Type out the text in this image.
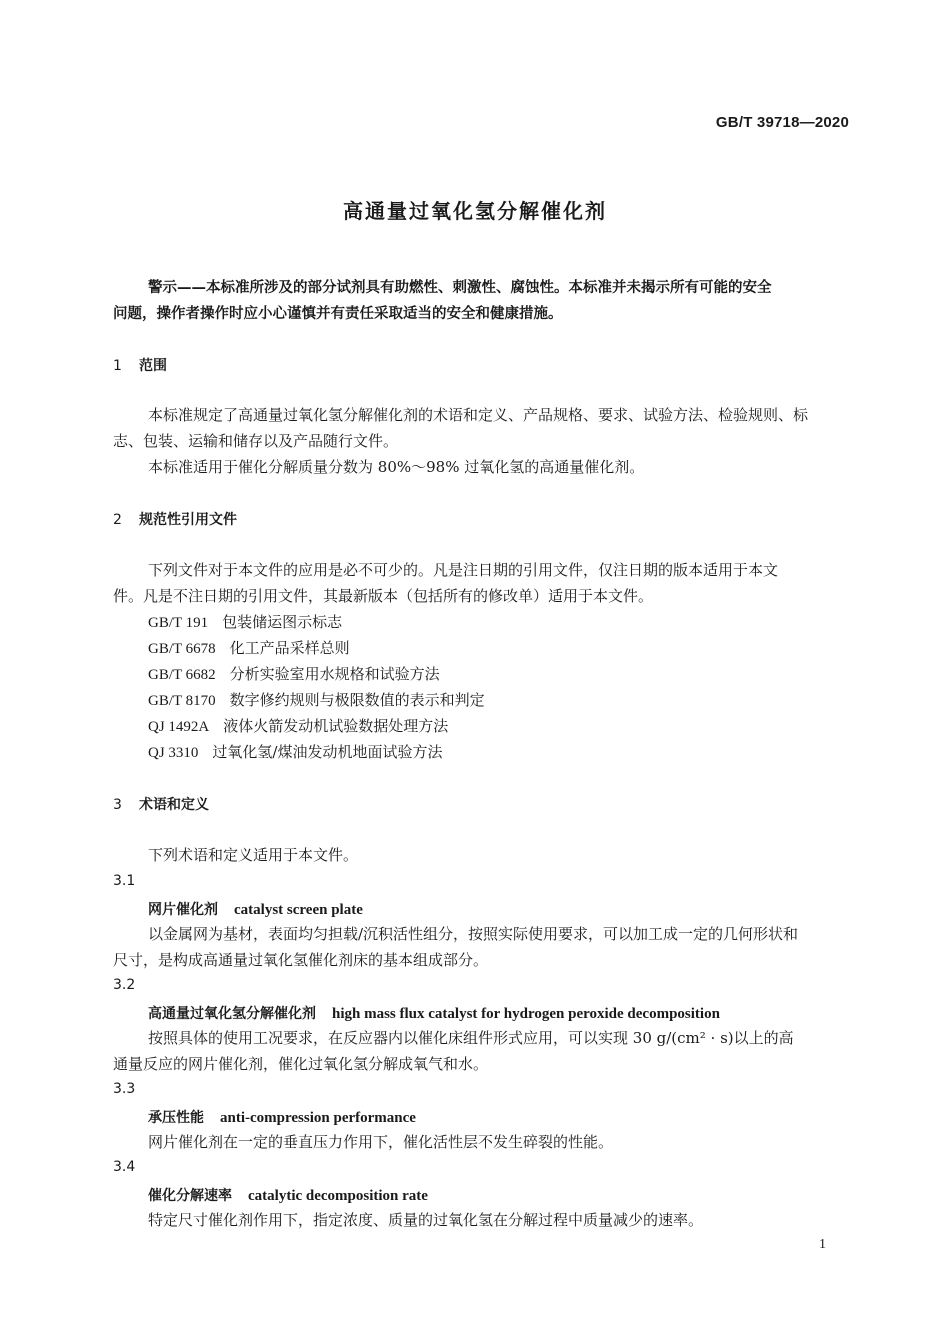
GB/T 39718—2020
高通量过氧化氢分解催化剂
警示——本标准所涉及的部分试剂具有助燃性、刺激性、腐蚀性。本标准并未揭示所有可能的安全
问题，操作者操作时应小心谨慎并有责任采取适当的安全和健康措施。
1 范围
本标准规定了高通量过氧化氢分解催化剂的术语和定义、产品规格、要求、试验方法、检验规则、标
志、包装、运输和储存以及产品随行文件。
本标准适用于催化分解质量分数为 80%～98% 过氧化氢的高通量催化剂。
2 规范性引用文件
下列文件对于本文件的应用是必不可少的。凡是注日期的引用文件，仅注日期的版本适用于本文
件。凡是不注日期的引用文件，其最新版本（包括所有的修改单）适用于本文件。
GB/T 191 包装储运图示标志
GB/T 6678 化工产品采样总则
GB/T 6682 分析实验室用水规格和试验方法
GB/T 8170 数字修约规则与极限数值的表示和判定
QJ 1492A 液体火箭发动机试验数据处理方法
QJ 3310 过氧化氢/煤油发动机地面试验方法
3 术语和定义
下列术语和定义适用于本文件。
3.1
网片催化剂 catalyst screen plate
以金属网为基材，表面均匀担载/沉积活性组分，按照实际使用要求，可以加工成一定的几何形状和
尺寸，是构成高通量过氧化氢催化剂床的基本组成部分。
3.2
高通量过氧化氢分解催化剂 high mass flux catalyst for hydrogen peroxide decomposition
按照具体的使用工况要求，在反应器内以催化床组件形式应用，可以实现 30 g/(cm² · s)以上的高
通量反应的网片催化剂，催化过氧化氢分解成氧气和水。
3.3
承压性能 anti-compression performance
网片催化剂在一定的垂直压力作用下，催化活性层不发生碎裂的性能。
3.4
催化分解速率 catalytic decomposition rate
特定尺寸催化剂作用下，指定浓度、质量的过氧化氢在分解过程中质量减少的速率。
1
